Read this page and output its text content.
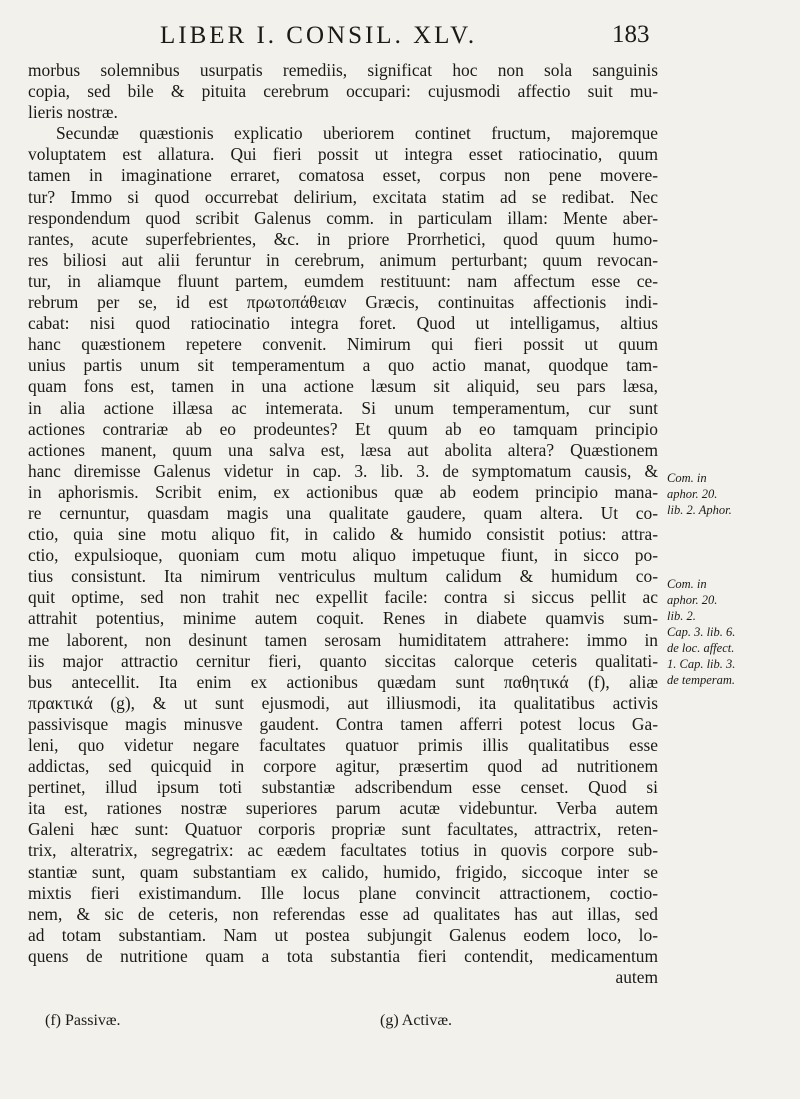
LIBER I. CONSIL. XLV.	183
morbus solemnibus usurpatis remediis, significat hoc non sola sanguinis
copia, sed bile & pituita cerebrum occupari: cujusmodi affectio suit mu-
lieris nostræ.
Secundæ quæstionis explicatio uberiorem continet fructum, majoremque
voluptatem est allatura. Qui fieri possit ut integra esset ratiocinatio, quum
tamen in imaginatione erraret, comatosa esset, corpus non pene movere-
tur? Immo si quod occurrebat delirium, excitata statim ad se redibat. Nec
respondendum quod scribit Galenus comm. in particulam illam: Mente aber-
rantes, acute superfebrientes, &c. in priore Prorrhetici, quod quum humo-
res biliosi aut alii feruntur in cerebrum, animum perturbant; quum revocan-
tur, in aliamque fluunt partem, eumdem restituunt: nam affectum esse ce-
rebrum per se, id est πρωτοπάθειαν Græcis, continuitas affectionis indi-
cabat: nisi quod ratiocinatio integra foret. Quod ut intelligamus, altius
hanc quæstionem repetere convenit. Nimirum qui fieri possit ut quum
unius partis unum sit temperamentum a quo actio manat, quodque tam-
quam fons est, tamen in una actione læsum sit aliquid, seu pars læsa,
in alia actione illæsa ac intemerata. Si unum temperamentum, cur sunt
actiones contrariæ ab eo prodeuntes? Et quum ab eo tamquam principio
actiones manent, quum una salva est, læsa aut abolita altera? Quæstionem
hanc diremisse Galenus videtur in cap. 3. lib. 3. de symptomatum causis, &
in aphorismis. Scribit enim, ex actionibus quæ ab eodem principio mana-
re cernuntur, quasdam magis una qualitate gaudere, quam altera. Ut co-
ctio, quia sine motu aliquo fit, in calido & humido consistit potius: attra-
ctio, expulsioque, quoniam cum motu aliquo impetuque fiunt, in sicco po-
tius consistunt. Ita nimirum ventriculus multum calidum & humidum co-
quit optime, sed non trahit nec expellit facile: contra si siccus pellit ac
attrahit potentius, minime autem coquit. Renes in diabete quamvis sum-
me laborent, non desinunt tamen serosam humiditatem attrahere: immo in
iis major attractio cernitur fieri, quanto siccitas calorque ceteris qualitati-
bus antecellit. Ita enim ex actionibus quædam sunt παθητικά (f), aliæ
πρακτικά (g), & ut sunt ejusmodi, aut illiusmodi, ita qualitatibus activis
passivisque magis minusve gaudent. Contra tamen afferri potest locus Ga-
leni, quo videtur negare facultates quatuor primis illis qualitatibus esse
addictas, sed quicquid in corpore agitur, præsertim quod ad nutritionem
pertinet, illud ipsum toti substantiæ adscribendum esse censet. Quod si
ita est, rationes nostræ superiores parum acutæ videbuntur. Verba autem
Galeni hæc sunt: Quatuor corporis propriæ sunt facultates, attractrix, reten-
trix, alteratrix, segregatrix: ac eædem facultates totius in quovis corpore sub-
stantiæ sunt, quam substantiam ex calido, humido, frigido, siccoque inter se
mixtis fieri existimandum. Ille locus plane convincit attractionem, coctio-
nem, & sic de ceteris, non referendas esse ad qualitates has aut illas, sed
ad totam substantiam. Nam ut postea subjungit Galenus eodem loco, lo-
quens de nutritione quam a tota substantia fieri contendit, medicamentum
autem
Com. in
aphor. 20.
lib. 2. Aphor.
Com. in
aphor. 20.
lib. 2.
Cap. 3. lib. 6.
de loc. affect.
1. Cap. lib. 3.
de temperam.
(f) Passivæ.	(g) Activæ.
